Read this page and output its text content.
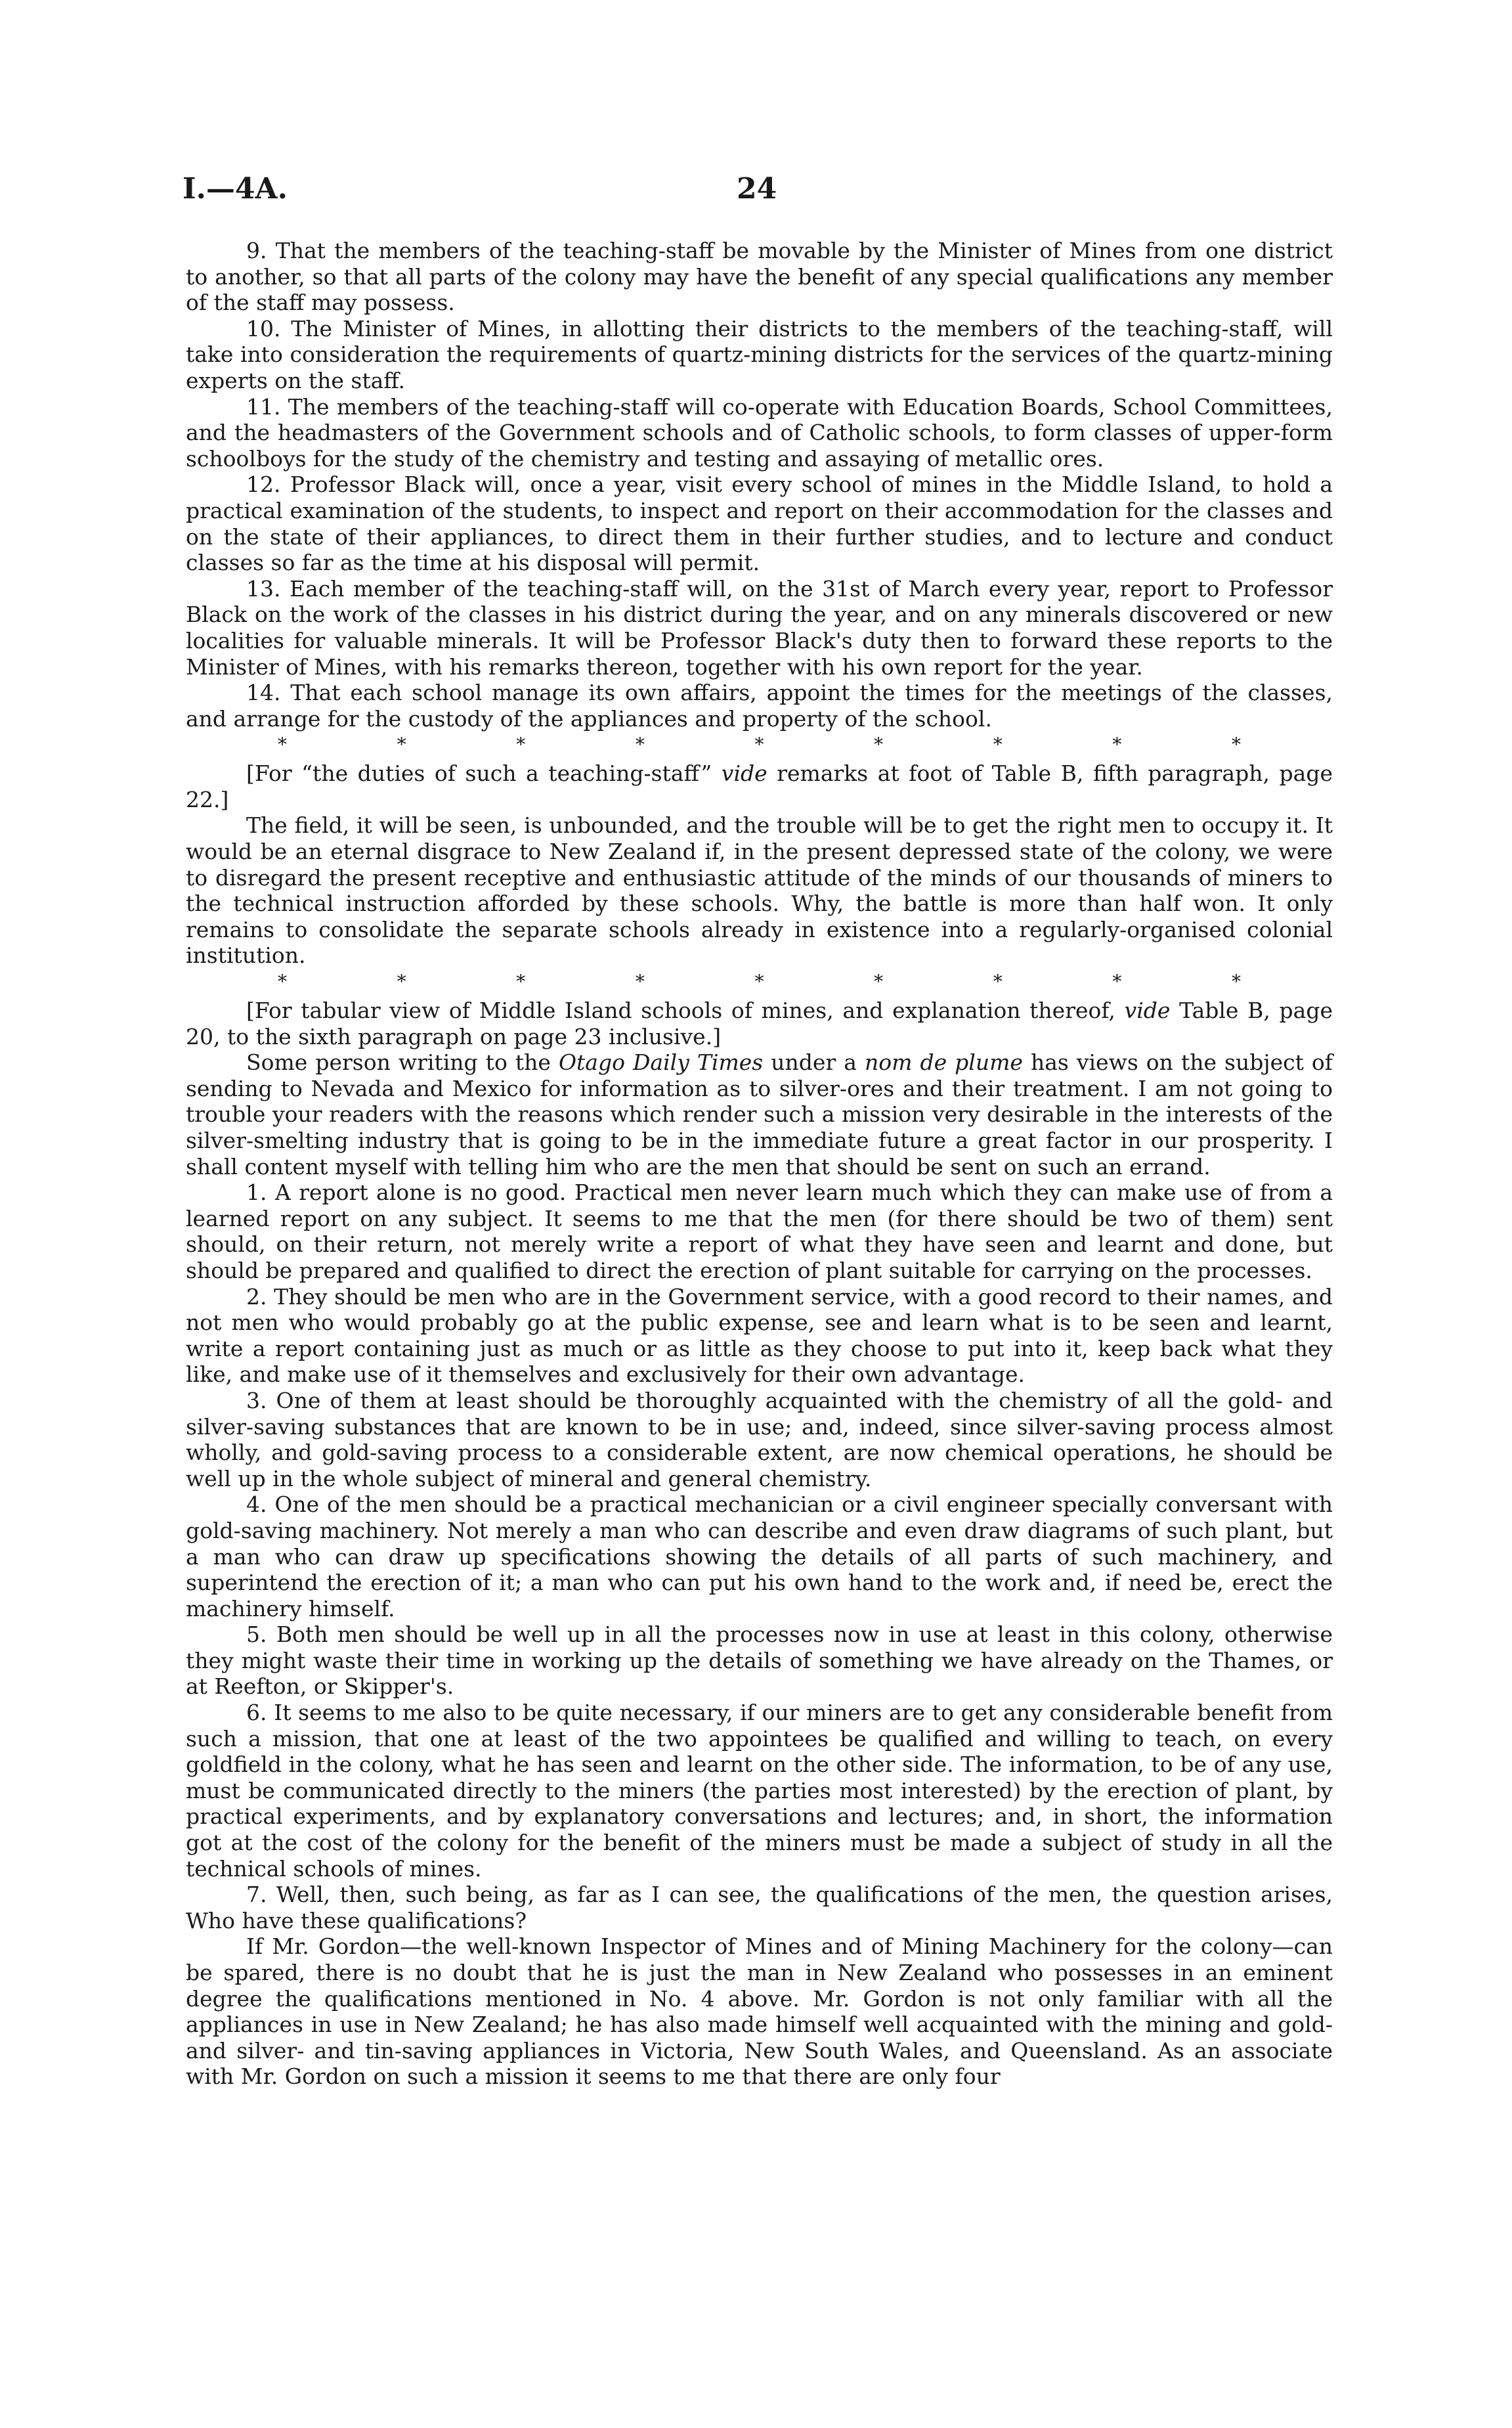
I.—4A.	24

9. That the members of the teaching-staff be movable by the Minister of Mines from one district to another, so that all parts of the colony may have the benefit of any special qualifications any member of the staff may possess.

10. The Minister of Mines, in allotting their districts to the members of the teaching-staff, will take into consideration the requirements of quartz-mining districts for the services of the quartz-mining experts on the staff.

11. The members of the teaching-staff will co-operate with Education Boards, School Committees, and the headmasters of the Government schools and of Catholic schools, to form classes of upper-form schoolboys for the study of the chemistry and testing and assaying of metallic ores.

12. Professor Black will, once a year, visit every school of mines in the Middle Island, to hold a practical examination of the students, to inspect and report on their accommodation for the classes and on the state of their appliances, to direct them in their further studies, and to lecture and conduct classes so far as the time at his disposal will permit.

13. Each member of the teaching-staff will, on the 31st of March every year, report to Professor Black on the work of the classes in his district during the year, and on any minerals discovered or new localities for valuable minerals. It will be Professor Black's duty then to forward these reports to the Minister of Mines, with his remarks thereon, together with his own report for the year.

14. That each school manage its own affairs, appoint the times for the meetings of the classes, and arrange for the custody of the appliances and property of the school.

*	*	*	*	*	*	*	*	*

[For “the duties of such a teaching-staff” vide remarks at foot of Table B, fifth paragraph, page 22.]

The field, it will be seen, is unbounded, and the trouble will be to get the right men to occupy it. It would be an eternal disgrace to New Zealand if, in the present depressed state of the colony, we were to disregard the present receptive and enthusiastic attitude of the minds of our thousands of miners to the technical instruction afforded by these schools. Why, the battle is more than half won. It only remains to consolidate the separate schools already in existence into a regularly-organised colonial institution.

*	*	*	*	*	*	*	*	*

[For tabular view of Middle Island schools of mines, and explanation thereof, vide Table B, page 20, to the sixth paragraph on page 23 inclusive.]

Some person writing to the Otago Daily Times under a nom de plume has views on the subject of sending to Nevada and Mexico for information as to silver-ores and their treatment. I am not going to trouble your readers with the reasons which render such a mission very desirable in the interests of the silver-smelting industry that is going to be in the immediate future a great factor in our prosperity. I shall content myself with telling him who are the men that should be sent on such an errand.

1. A report alone is no good. Practical men never learn much which they can make use of from a learned report on any subject. It seems to me that the men (for there should be two of them) sent should, on their return, not merely write a report of what they have seen and learnt and done, but should be prepared and qualified to direct the erection of plant suitable for carrying on the processes.

2. They should be men who are in the Government service, with a good record to their names, and not men who would probably go at the public expense, see and learn what is to be seen and learnt, write a report containing just as much or as little as they choose to put into it, keep back what they like, and make use of it themselves and exclusively for their own advantage.

3. One of them at least should be thoroughly acquainted with the chemistry of all the gold- and silver-saving substances that are known to be in use; and, indeed, since silver-saving process almost wholly, and gold-saving process to a considerable extent, are now chemical operations, he should be well up in the whole subject of mineral and general chemistry.

4. One of the men should be a practical mechanician or a civil engineer specially conversant with gold-saving machinery. Not merely a man who can describe and even draw diagrams of such plant, but a man who can draw up specifications showing the details of all parts of such machinery, and superintend the erection of it; a man who can put his own hand to the work and, if need be, erect the machinery himself.

5. Both men should be well up in all the processes now in use at least in this colony, otherwise they might waste their time in working up the details of something we have already on the Thames, or at Reefton, or Skipper's.

6. It seems to me also to be quite necessary, if our miners are to get any considerable benefit from such a mission, that one at least of the two appointees be qualified and willing to teach, on every goldfield in the colony, what he has seen and learnt on the other side. The information, to be of any use, must be communicated directly to the miners (the parties most interested) by the erection of plant, by practical experiments, and by explanatory conversations and lectures; and, in short, the information got at the cost of the colony for the benefit of the miners must be made a subject of study in all the technical schools of mines.

7. Well, then, such being, as far as I can see, the qualifications of the men, the question arises, Who have these qualifications?

If Mr. Gordon—the well-known Inspector of Mines and of Mining Machinery for the colony—can be spared, there is no doubt that he is just the man in New Zealand who possesses in an eminent degree the qualifications mentioned in No. 4 above. Mr. Gordon is not only familiar with all the appliances in use in New Zealand; he has also made himself well acquainted with the mining and gold- and silver- and tin-saving appliances in Victoria, New South Wales, and Queensland. As an associate with Mr. Gordon on such a mission it seems to me that there are only four
